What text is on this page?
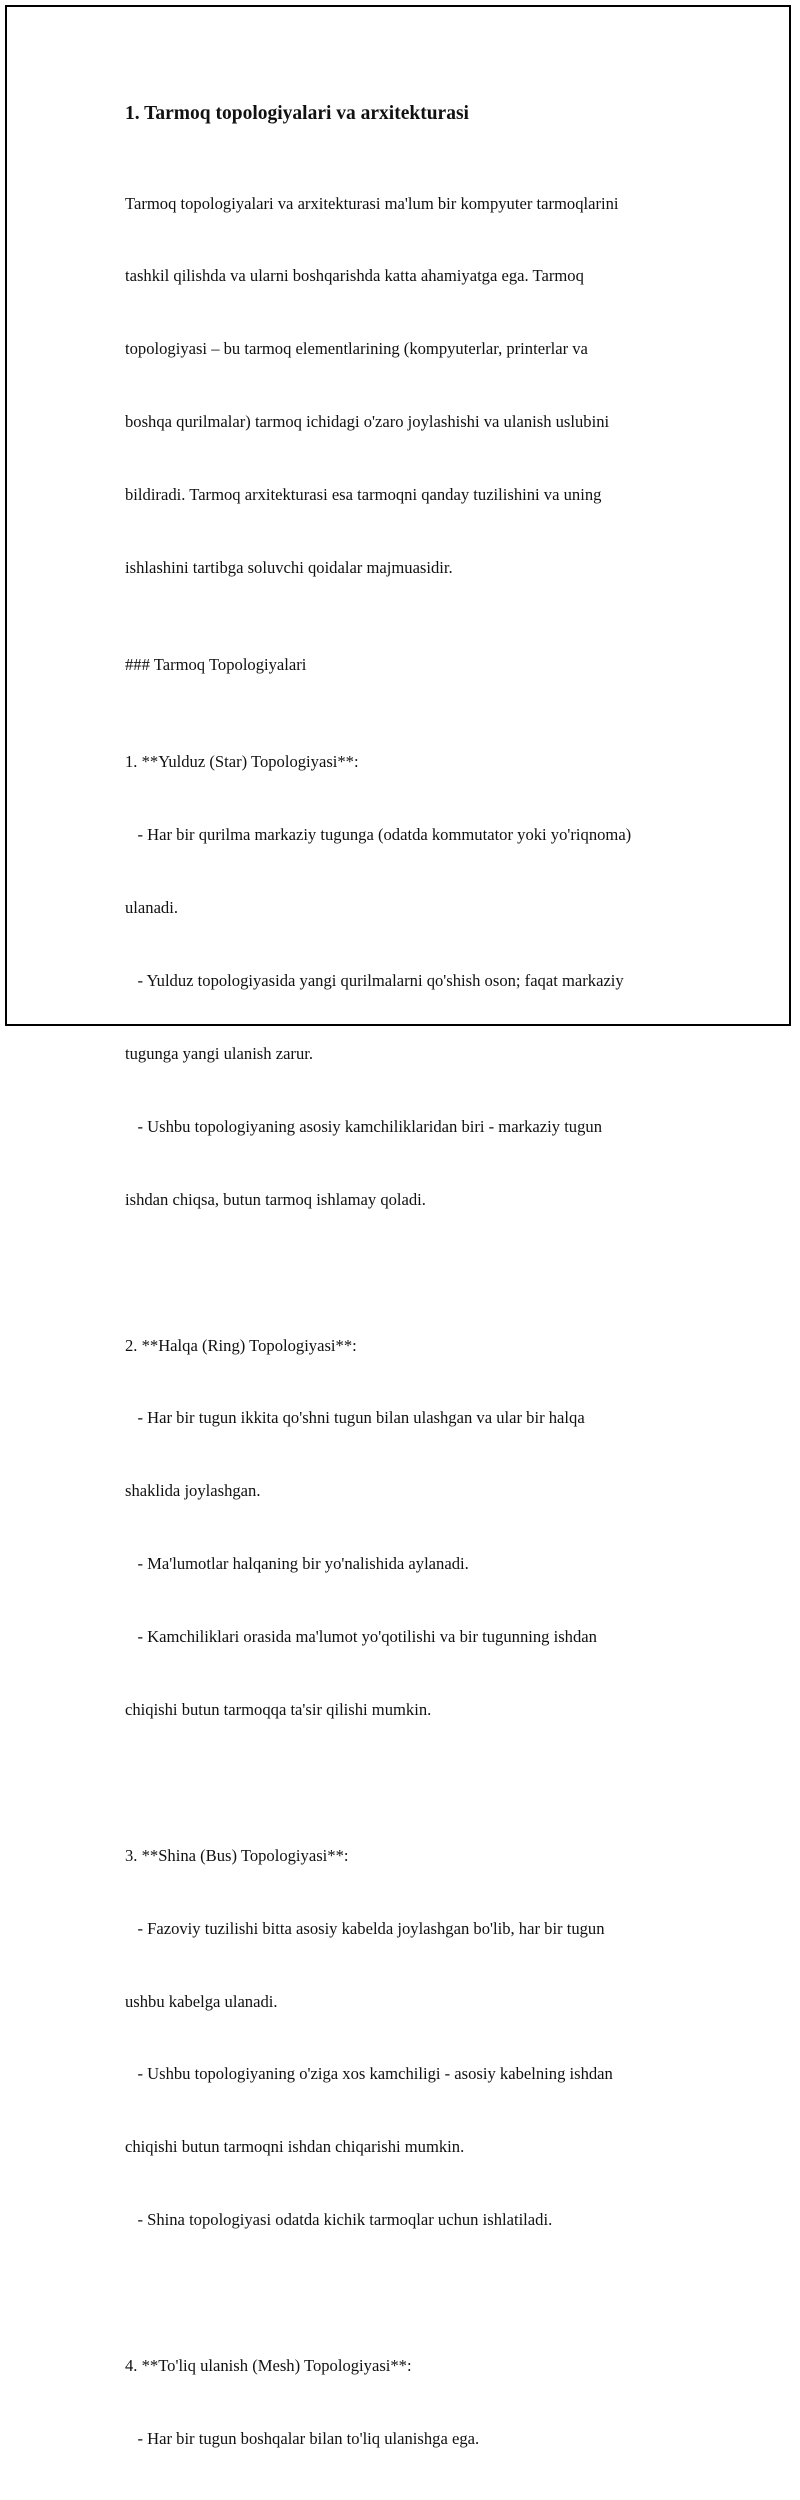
1. Tarmoq topologiyalari va arxitekturasi

Tarmoq topologiyalari va arxitekturasi ma'lum bir kompyuter tarmoqlarini

tashkil qilishda va ularni boshqarishda katta ahamiyatga ega. Tarmoq

topologiyasi – bu tarmoq elementlarining (kompyuterlar, printerlar va

boshqa qurilmalar) tarmoq ichidagi o'zaro joylashishi va ulanish uslubini

bildiradi. Tarmoq arxitekturasi esa tarmoqni qanday tuzilishini va uning

ishlashini tartibga soluvchi qoidalar majmuasidir.

### Tarmoq Topologiyalari

1. **Yulduz (Star) Topologiyasi**:

- Har bir qurilma markaziy tugunga (odatda kommutator yoki yo'riqnoma)

ulanadi.

- Yulduz topologiyasida yangi qurilmalarni qo'shish oson; faqat markaziy

tugunga yangi ulanish zarur.

- Ushbu topologiyaning asosiy kamchiliklaridan biri - markaziy tugun

ishdan chiqsa, butun tarmoq ishlamay qoladi.

2. **Halqa (Ring) Topologiyasi**:

- Har bir tugun ikkita qo'shni tugun bilan ulashgan va ular bir halqa

shaklida joylashgan.

- Ma'lumotlar halqaning bir yo'nalishida aylanadi.

- Kamchiliklari orasida ma'lumot yo'qotilishi va bir tugunning ishdan

chiqishi butun tarmoqqa ta'sir qilishi mumkin.

3. **Shina (Bus) Topologiyasi**:

- Fazoviy tuzilishi bitta asosiy kabelda joylashgan bo'lib, har bir tugun

ushbu kabelga ulanadi.

- Ushbu topologiyaning o'ziga xos kamchiligi - asosiy kabelning ishdan

chiqishi butun tarmoqni ishdan chiqarishi mumkin.

- Shina topologiyasi odatda kichik tarmoqlar uchun ishlatiladi.

4. **To'liq ulanish (Mesh) Topologiyasi**:

- Har bir tugun boshqalar bilan to'liq ulanishga ega.
